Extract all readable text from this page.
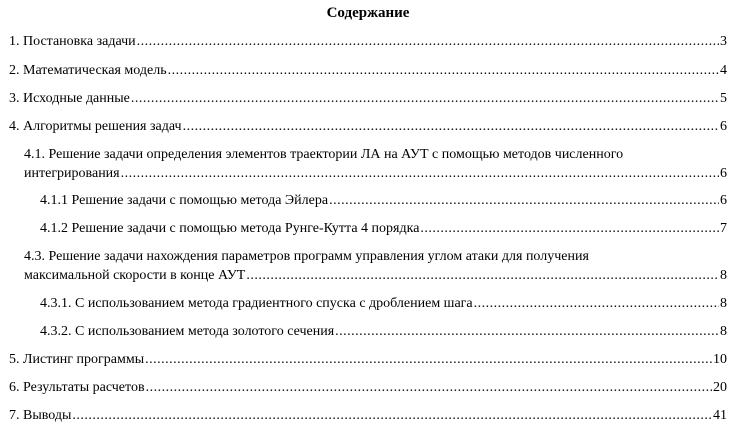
Содержание
1. Постановка задачи .....	3
2. Математическая модель .....	4
3. Исходные данные .....	5
4. Алгоритмы решения задач .....	6
4.1. Решение задачи определения элементов траектории ЛА на АУТ с помощью методов численного
интегрирования .....	6
4.1.1 Решение задачи с помощью метода Эйлера .....	6
4.1.2 Решение задачи с помощью метода Рунге-Кутта 4 порядка .....	7
4.3. Решение задачи нахождения параметров программ управления углом атаки для получения
максимальной скорости в конце АУТ .....	8
4.3.1. С использованием метода градиентного спуска с дроблением шага .....	8
4.3.2. С использованием метода золотого сечения .....	8
5. Листинг программы .....	10
6. Результаты расчетов .....	20
7. Выводы .....	41
